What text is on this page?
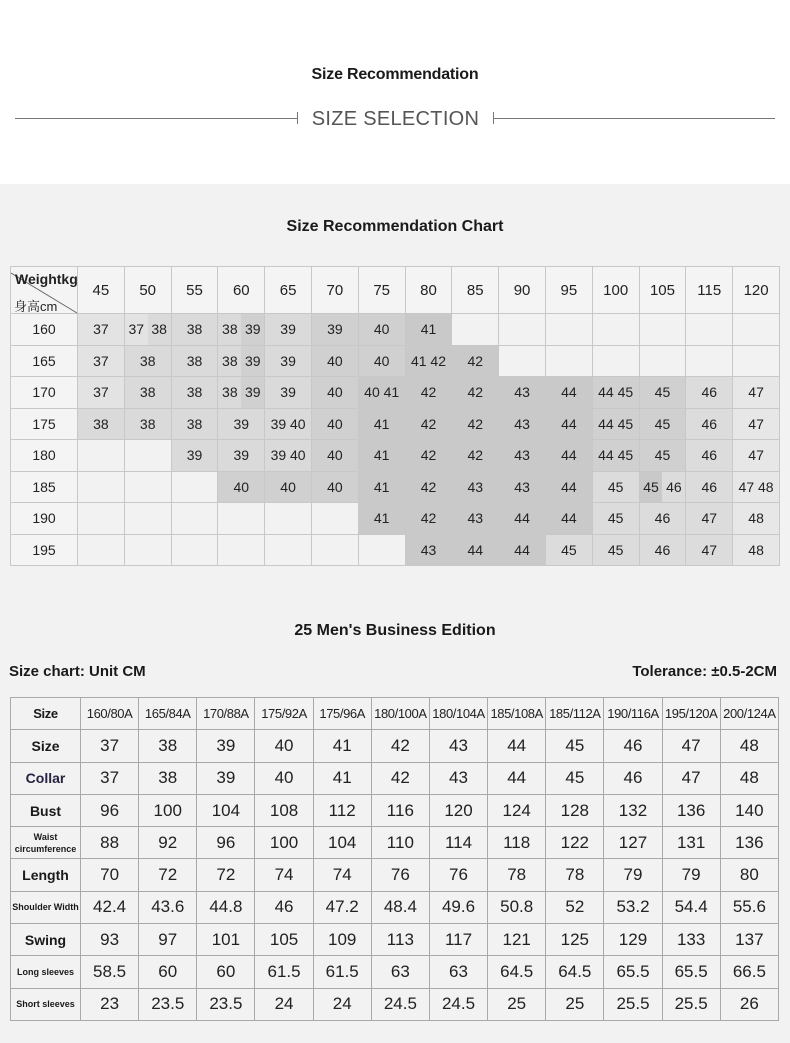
Size Recommendation
SIZE SELECTION
Size Recommendation Chart
Weightkg
身高cm	45	50	55	60	65	70	75	80	85	90	95	100	105	115	120
160	37	37 38	38	38 39	39	39	40	41							
165	37	38	38	38 39	39	40	40	41 42	42						
170	37	38	38	38 39	39	40	40 41	42	42	43	44	44 45	45	46	47
175	38	38	38	39	39 40	40	41	42	42	43	44	44 45	45	46	47
180			39	39	39 40	40	41	42	42	43	44	44 45	45	46	47
185				40	40	40	41	42	43	43	44	45	45 46	46	47 48
190							41	42	43	44	44	45	46	47	48
195								43	44	44	45	45	46	47	48
25 Men's Business Edition
Size chart: Unit CM	Tolerance: ±0.5-2CM
Size	160/80A	165/84A	170/88A	175/92A	175/96A	180/100A	180/104A	185/108A	185/112A	190/116A	195/120A	200/124A
Size	37	38	39	40	41	42	43	44	45	46	47	48
Collar	37	38	39	40	41	42	43	44	45	46	47	48
Bust	96	100	104	108	112	116	120	124	128	132	136	140
Waist circumference	88	92	96	100	104	110	114	118	122	127	131	136
Length	70	72	72	74	74	76	76	78	78	79	79	80
Shoulder Width	42.4	43.6	44.8	46	47.2	48.4	49.6	50.8	52	53.2	54.4	55.6
Swing	93	97	101	105	109	113	117	121	125	129	133	137
Long sleeves	58.5	60	60	61.5	61.5	63	63	64.5	64.5	65.5	65.5	66.5
Short sleeves	23	23.5	23.5	24	24	24.5	24.5	25	25	25.5	25.5	26
